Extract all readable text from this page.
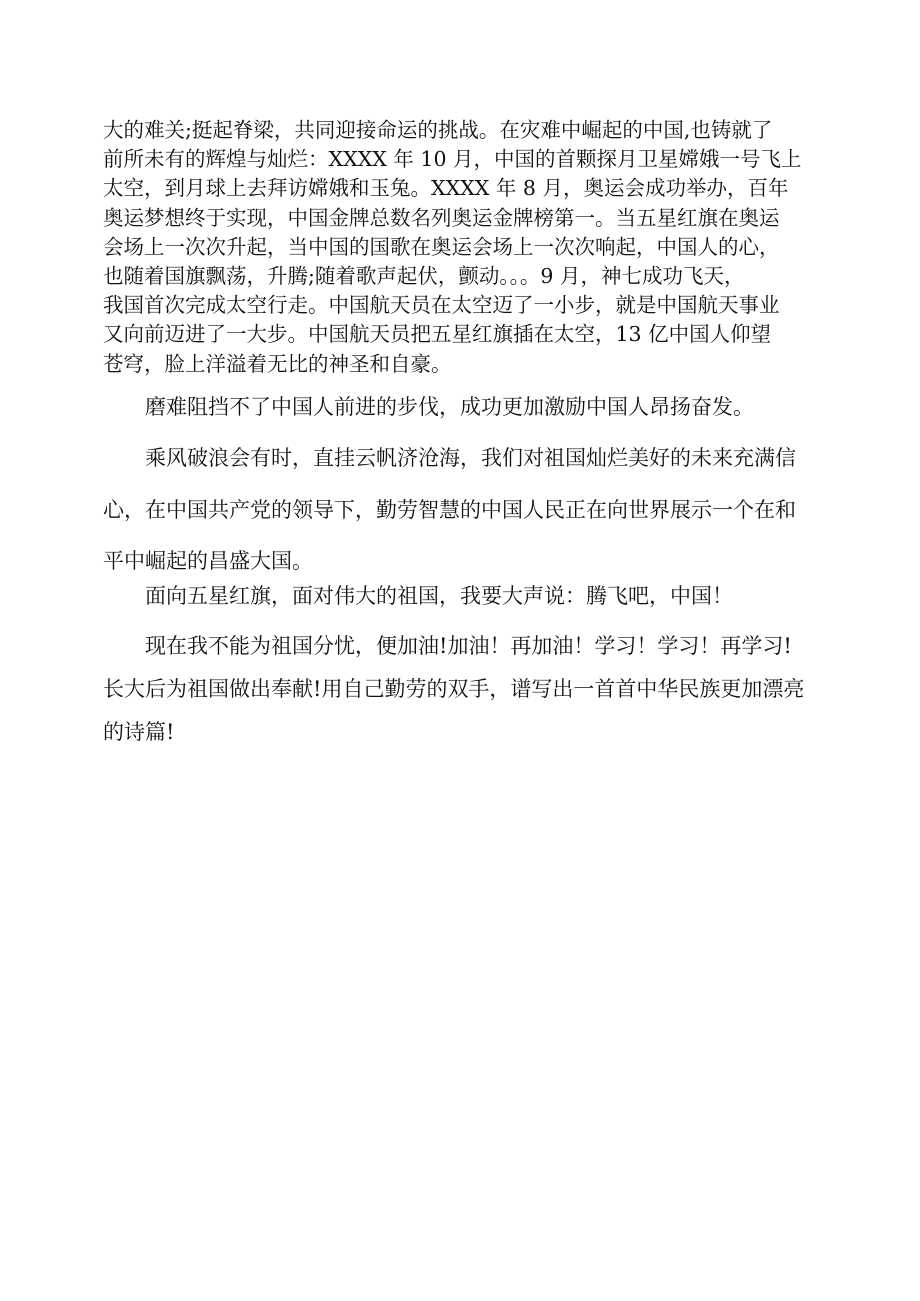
大的难关;挺起脊梁，共同迎接命运的挑战。在灾难中崛起的中国,也铸就了
前所未有的辉煌与灿烂：XXXX 年 10 月，中国的首颗探月卫星嫦娥一号飞上
太空，到月球上去拜访嫦娥和玉兔。XXXX 年 8 月，奥运会成功举办，百年
奥运梦想终于实现，中国金牌总数名列奥运金牌榜第一。当五星红旗在奥运
会场上一次次升起，当中国的国歌在奥运会场上一次次响起，中国人的心，
也随着国旗飘荡，升腾;随着歌声起伏，颤动。。。9 月，神七成功飞天，
我国首次完成太空行走。中国航天员在太空迈了一小步，就是中国航天事业
又向前迈进了一大步。中国航天员把五星红旗插在太空，13 亿中国人仰望
苍穹，脸上洋溢着无比的神圣和自豪。

磨难阻挡不了中国人前进的步伐，成功更加激励中国人昂扬奋发。

乘风破浪会有时，直挂云帆济沧海，我们对祖国灿烂美好的未来充满信
心，在中国共产党的领导下，勤劳智慧的中国人民正在向世界展示一个在和
平中崛起的昌盛大国。

面向五星红旗，面对伟大的祖国，我要大声说：腾飞吧，中国！

现在我不能为祖国分忧，便加油!加油！再加油！学习！学习！再学习!
长大后为祖国做出奉献!用自己勤劳的双手，谱写出一首首中华民族更加漂亮
的诗篇!
